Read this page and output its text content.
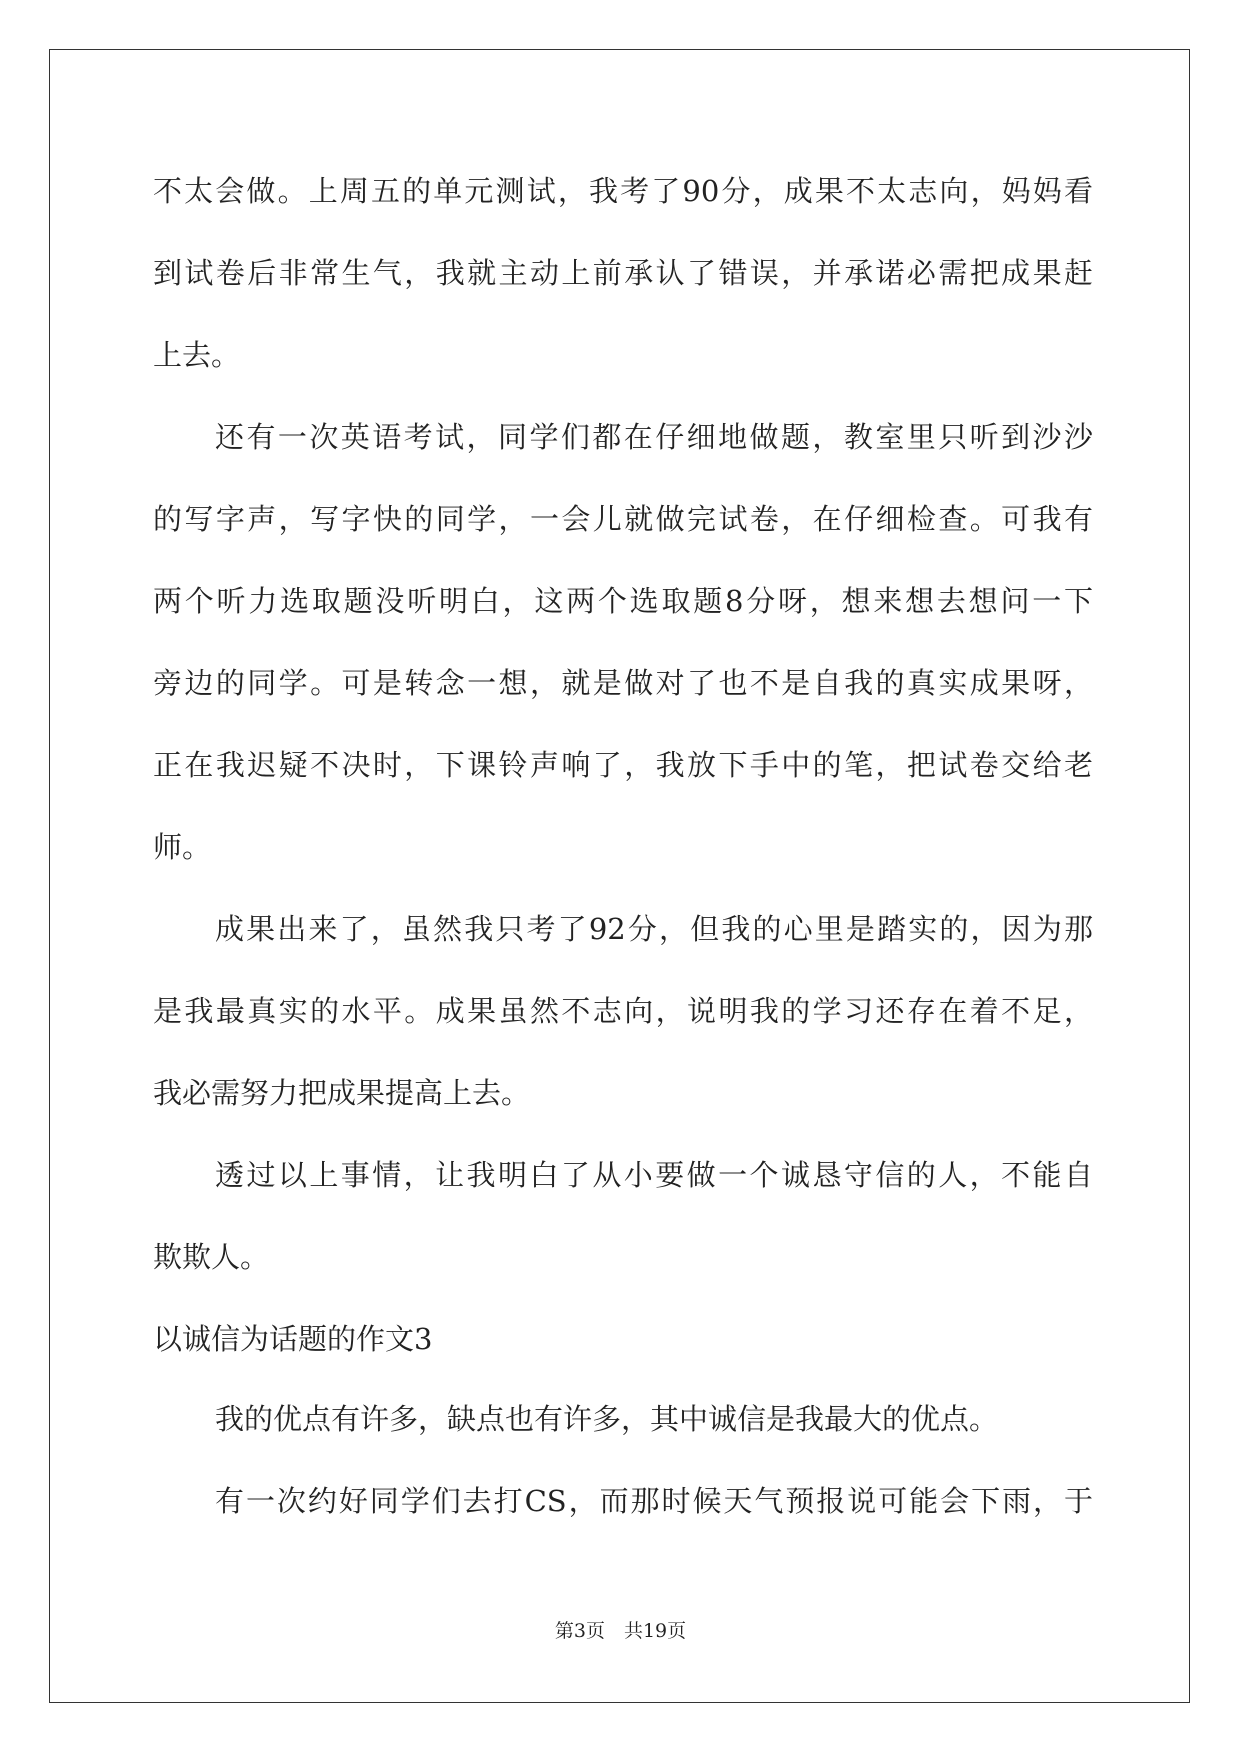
不太会做。上周五的单元测试，我考了90分，成果不太志向，妈妈看
到试卷后非常生气，我就主动上前承认了错误，并承诺必需把成果赶
上去。
还有一次英语考试，同学们都在仔细地做题，教室里只听到沙沙
的写字声，写字快的同学，一会儿就做完试卷，在仔细检查。可我有
两个听力选取题没听明白，这两个选取题8分呀，想来想去想问一下
旁边的同学。可是转念一想，就是做对了也不是自我的真实成果呀，
正在我迟疑不决时，下课铃声响了，我放下手中的笔，把试卷交给老
师。
成果出来了，虽然我只考了92分，但我的心里是踏实的，因为那
是我最真实的水平。成果虽然不志向，说明我的学习还存在着不足，
我必需努力把成果提高上去。
透过以上事情，让我明白了从小要做一个诚恳守信的人，不能自
欺欺人。
以诚信为话题的作文3
我的优点有许多，缺点也有许多，其中诚信是我最大的优点。
有一次约好同学们去打CS，而那时候天气预报说可能会下雨，于
第3页　共19页
